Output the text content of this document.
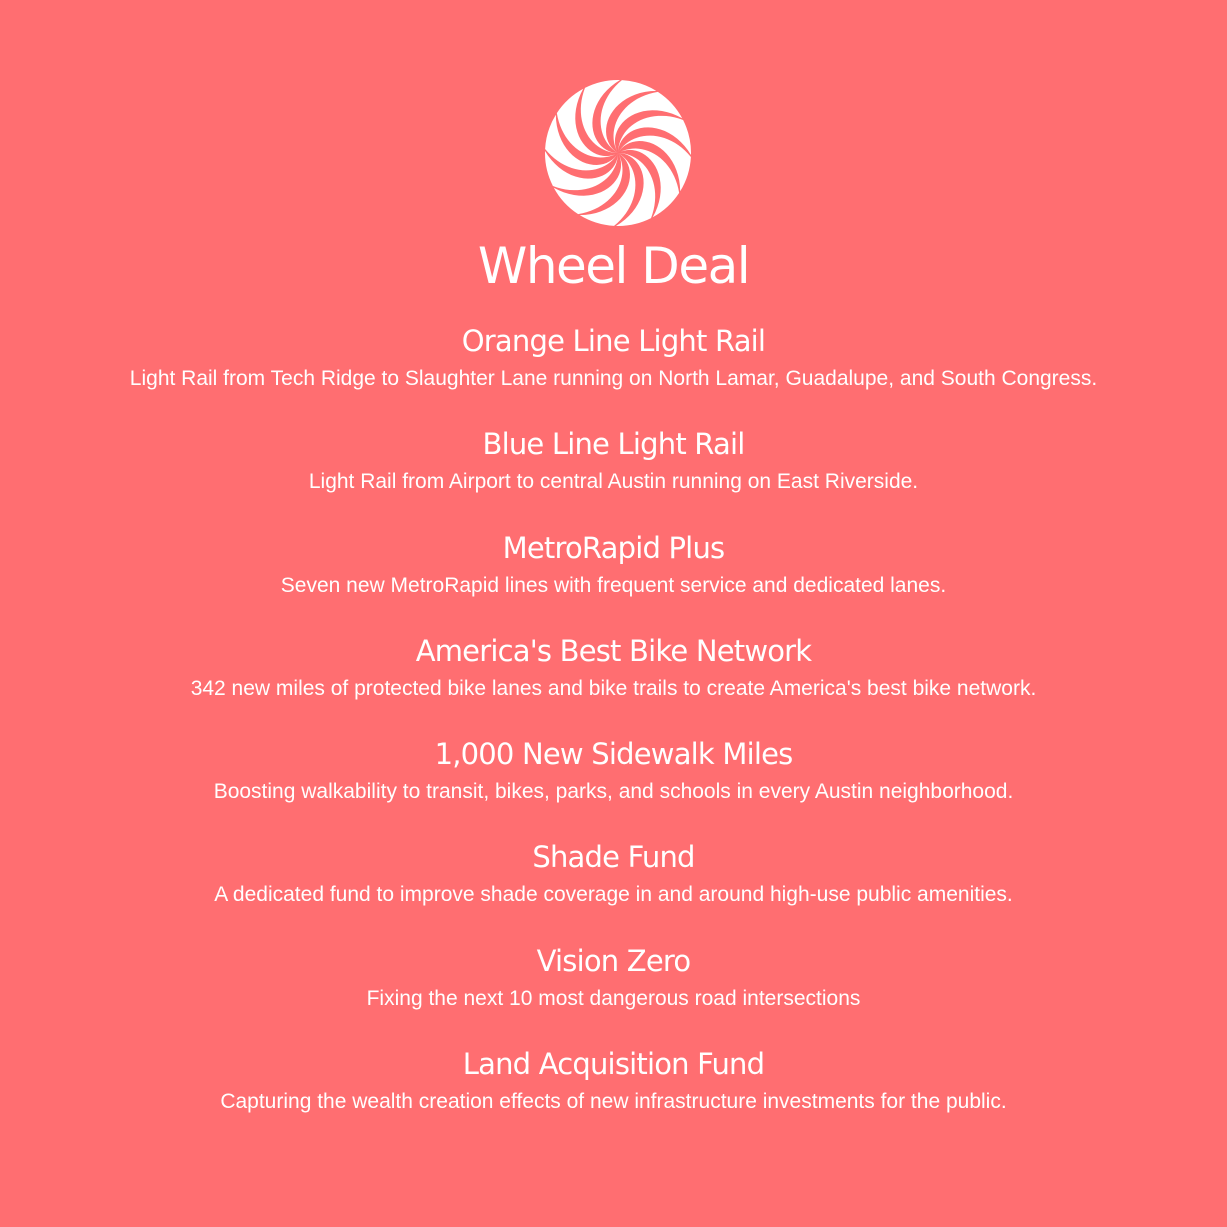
Wheel Deal
Orange Line Light Rail

Light Rail from Tech Ridge to Slaughter Lane running on North Lamar, Guadalupe, and South Congress.

Blue Line Light Rail

Light Rail from Airport to central Austin running on East Riverside.

MetroRapid Plus

Seven new MetroRapid lines with frequent service and dedicated lanes.

America's Best Bike Network

342 new miles of protected bike lanes and bike trails to create America's best bike network.

1,000 New Sidewalk Miles

Boosting walkability to transit, bikes, parks, and schools in every Austin neighborhood.

Shade Fund

A dedicated fund to improve shade coverage in and around high-use public amenities.

Vision Zero

Fixing the next 10 most dangerous road intersections

Land Acquisition Fund

Capturing the wealth creation effects of new infrastructure investments for the public.
